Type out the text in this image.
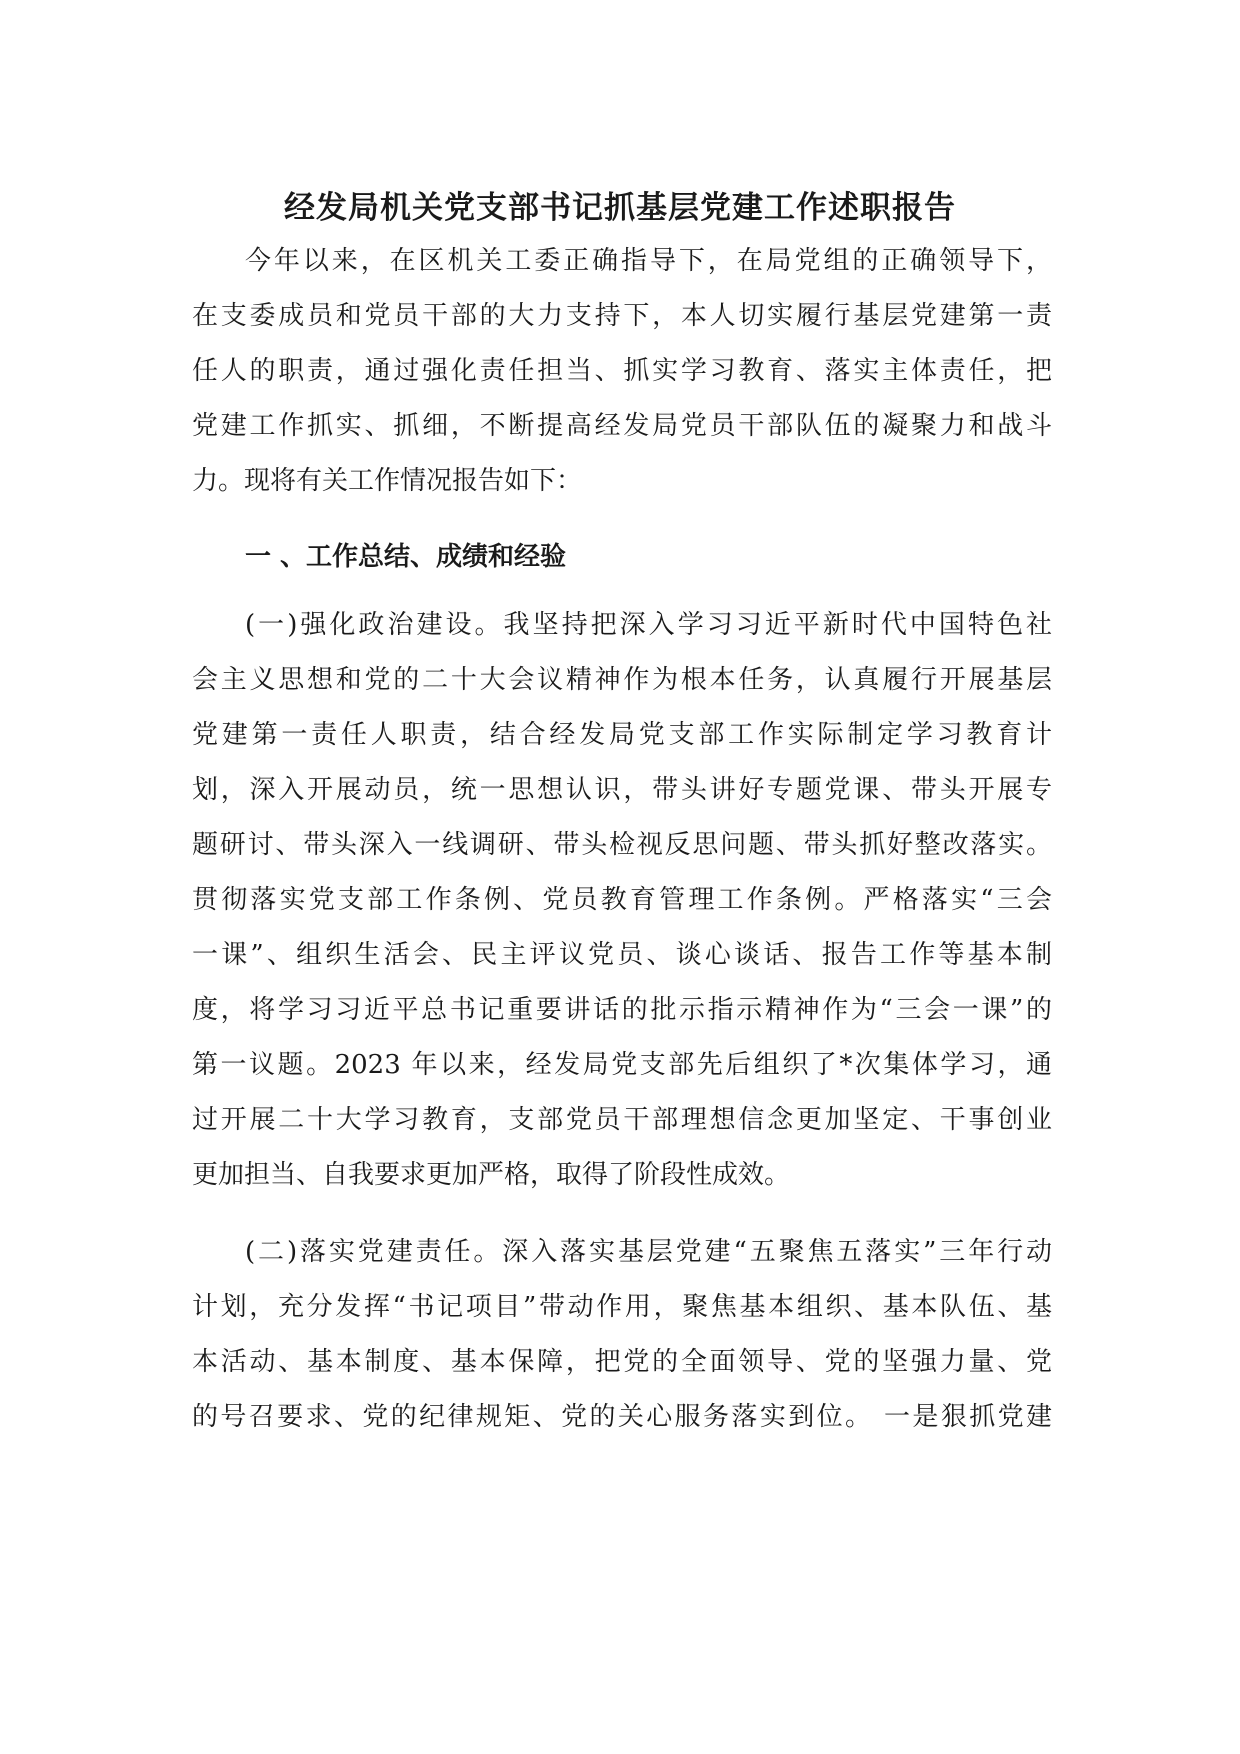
经发局机关党支部书记抓基层党建工作述职报告
今年以来，在区机关工委正确指导下，在局党组的正确领导下，
在支委成员和党员干部的大力支持下，本人切实履行基层党建第一责
任人的职责，通过强化责任担当、抓实学习教育、落实主体责任，把
党建工作抓实、抓细，不断提高经发局党员干部队伍的凝聚力和战斗
力。现将有关工作情况报告如下：
一 、工作总结、成绩和经验
(一)强化政治建设。我坚持把深入学习习近平新时代中国特色社
会主义思想和党的二十大会议精神作为根本任务，认真履行开展基层
党建第一责任人职责，结合经发局党支部工作实际制定学习教育计
划，深入开展动员，统一思想认识，带头讲好专题党课、带头开展专
题研讨、带头深入一线调研、带头检视反思问题、带头抓好整改落实。
贯彻落实党支部工作条例、党员教育管理工作条例。严格落实“三会
一课”、组织生活会、民主评议党员、谈心谈话、报告工作等基本制
度，将学习习近平总书记重要讲话的批示指示精神作为“三会一课”的
第一议题。2023 年以来，经发局党支部先后组织了*次集体学习，通
过开展二十大学习教育，支部党员干部理想信念更加坚定、干事创业
更加担当、自我要求更加严格，取得了阶段性成效。
(二)落实党建责任。深入落实基层党建“五聚焦五落实”三年行动
计划，充分发挥“书记项目”带动作用，聚焦基本组织、基本队伍、基
本活动、基本制度、基本保障，把党的全面领导、党的坚强力量、党
的号召要求、党的纪律规矩、党的关心服务落实到位。 一是狠抓党建
